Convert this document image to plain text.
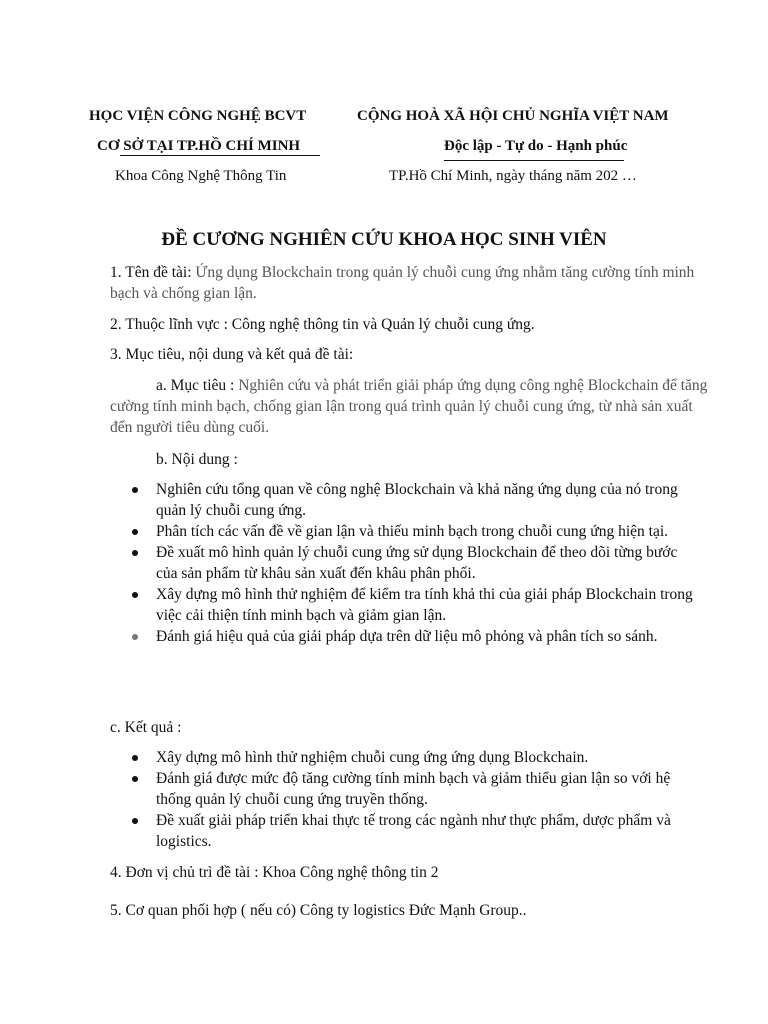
HỌC VIỆN CÔNG NGHỆ BCVT
CƠ SỞ TẠI TP.HỒ CHÍ MINH
Khoa Công Nghệ Thông Tin
CỘNG HOÀ XÃ HỘI CHỦ NGHĨA VIỆT NAM
Độc lập - Tự do - Hạnh phúc
TP.Hồ Chí Minh, ngày tháng năm 202 …
ĐỀ CƯƠNG NGHIÊN CỨU KHOA HỌC SINH VIÊN
1. Tên đề tài: Ứng dụng Blockchain trong quản lý chuỗi cung ứng nhằm tăng cường tính minh bạch và chống gian lận.
2. Thuộc lĩnh vực : Công nghệ thông tin và Quản lý chuỗi cung ứng.
3. Mục tiêu, nội dung và kết quả đề tài:
a. Mục tiêu : Nghiên cứu và phát triển giải pháp ứng dụng công nghệ Blockchain để tăng cường tính minh bạch, chống gian lận trong quá trình quản lý chuỗi cung ứng, từ nhà sản xuất đến người tiêu dùng cuối.
b. Nội dung :
Nghiên cứu tổng quan về công nghệ Blockchain và khả năng ứng dụng của nó trong quản lý chuỗi cung ứng.
Phân tích các vấn đề về gian lận và thiếu minh bạch trong chuỗi cung ứng hiện tại.
Đề xuất mô hình quản lý chuỗi cung ứng sử dụng Blockchain để theo dõi từng bước của sản phẩm từ khâu sản xuất đến khâu phân phối.
Xây dựng mô hình thử nghiệm để kiểm tra tính khả thi của giải pháp Blockchain trong việc cải thiện tính minh bạch và giảm gian lận.
Đánh giá hiệu quả của giải pháp dựa trên dữ liệu mô phỏng và phân tích so sánh.
c. Kết quả :
Xây dựng mô hình thử nghiệm chuỗi cung ứng ứng dụng Blockchain.
Đánh giá được mức độ tăng cường tính minh bạch và giảm thiểu gian lận so với hệ thống quản lý chuỗi cung ứng truyền thống.
Đề xuất giải pháp triển khai thực tế trong các ngành như thực phẩm, dược phẩm và logistics.
4. Đơn vị chủ trì đề tài : Khoa Công nghệ thông tin 2
5. Cơ quan phối hợp ( nếu có) Công ty logistics Đức Mạnh Group..
